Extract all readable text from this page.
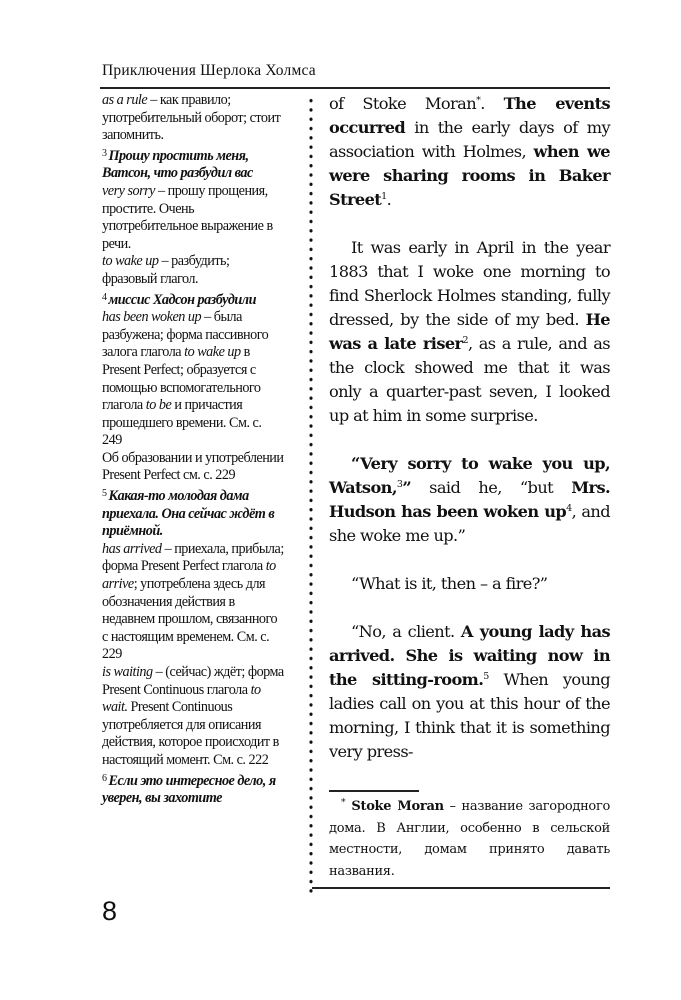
Приключения Шерлока Холмса

as a rule – как правило; употребительный оборот; стоит запомнить.

$^3$ Прошу простить меня, Ватсон, что разбудил вас

very sorry – прошу прощения, простите. Очень употребительное выражение в речи.

to wake up – разбудить; фразовый глагол.

$^4$ миссис Хадсон разбудили

has been woken up – была разбужена; форма пассивного залога глагола to wake up в Present Perfect; образуется с помощью вспомогательного глагола to be и причастия прошедшего времени. См. с. 249

Об образовании и употреблении Present Perfect см. с. 229

$^5$ Какая-то молодая дама приехала. Она сейчас ждёт в приёмной.

has arrived – приехала, прибыла; форма Present Perfect глагола to arrive; употреблена здесь для обозначения действия в недавнем прошлом, связанного с настоящим временем. См. с. 229

is waiting – (сейчас) ждёт; форма Present Continuous глагола to wait. Present Continuous употребляется для описания действия, которое происходит в настоящий момент. См. с. 222

$^6$ Если это интересное дело, я уверен, вы захотите

of Stoke Moran*. The events occurred in the early days of my association with Holmes, when we were sharing rooms in Baker Street$^1$.

It was early in April in the year 1883 that I woke one morning to find Sherlock Holmes standing, fully dressed, by the side of my bed. He was a late riser$^2$, as a rule, and as the clock showed me that it was only a quarter-past seven, I looked up at him in some surprise.

“Very sorry to wake you up, Watson,$^3$” said he, “but Mrs. Hudson has been woken $up^4$, and she woke me up.”

“What is it, then – a fire?”

“No, a client. A young lady has arrived. She is waiting now in the sitting-room.$^5$ When young ladies call on you at this hour of the morning, I think that it is something very press-

* Stoke Moran – название загородного дома. В Англии, особенно в сельской местности, домам принято давать названия.

8
